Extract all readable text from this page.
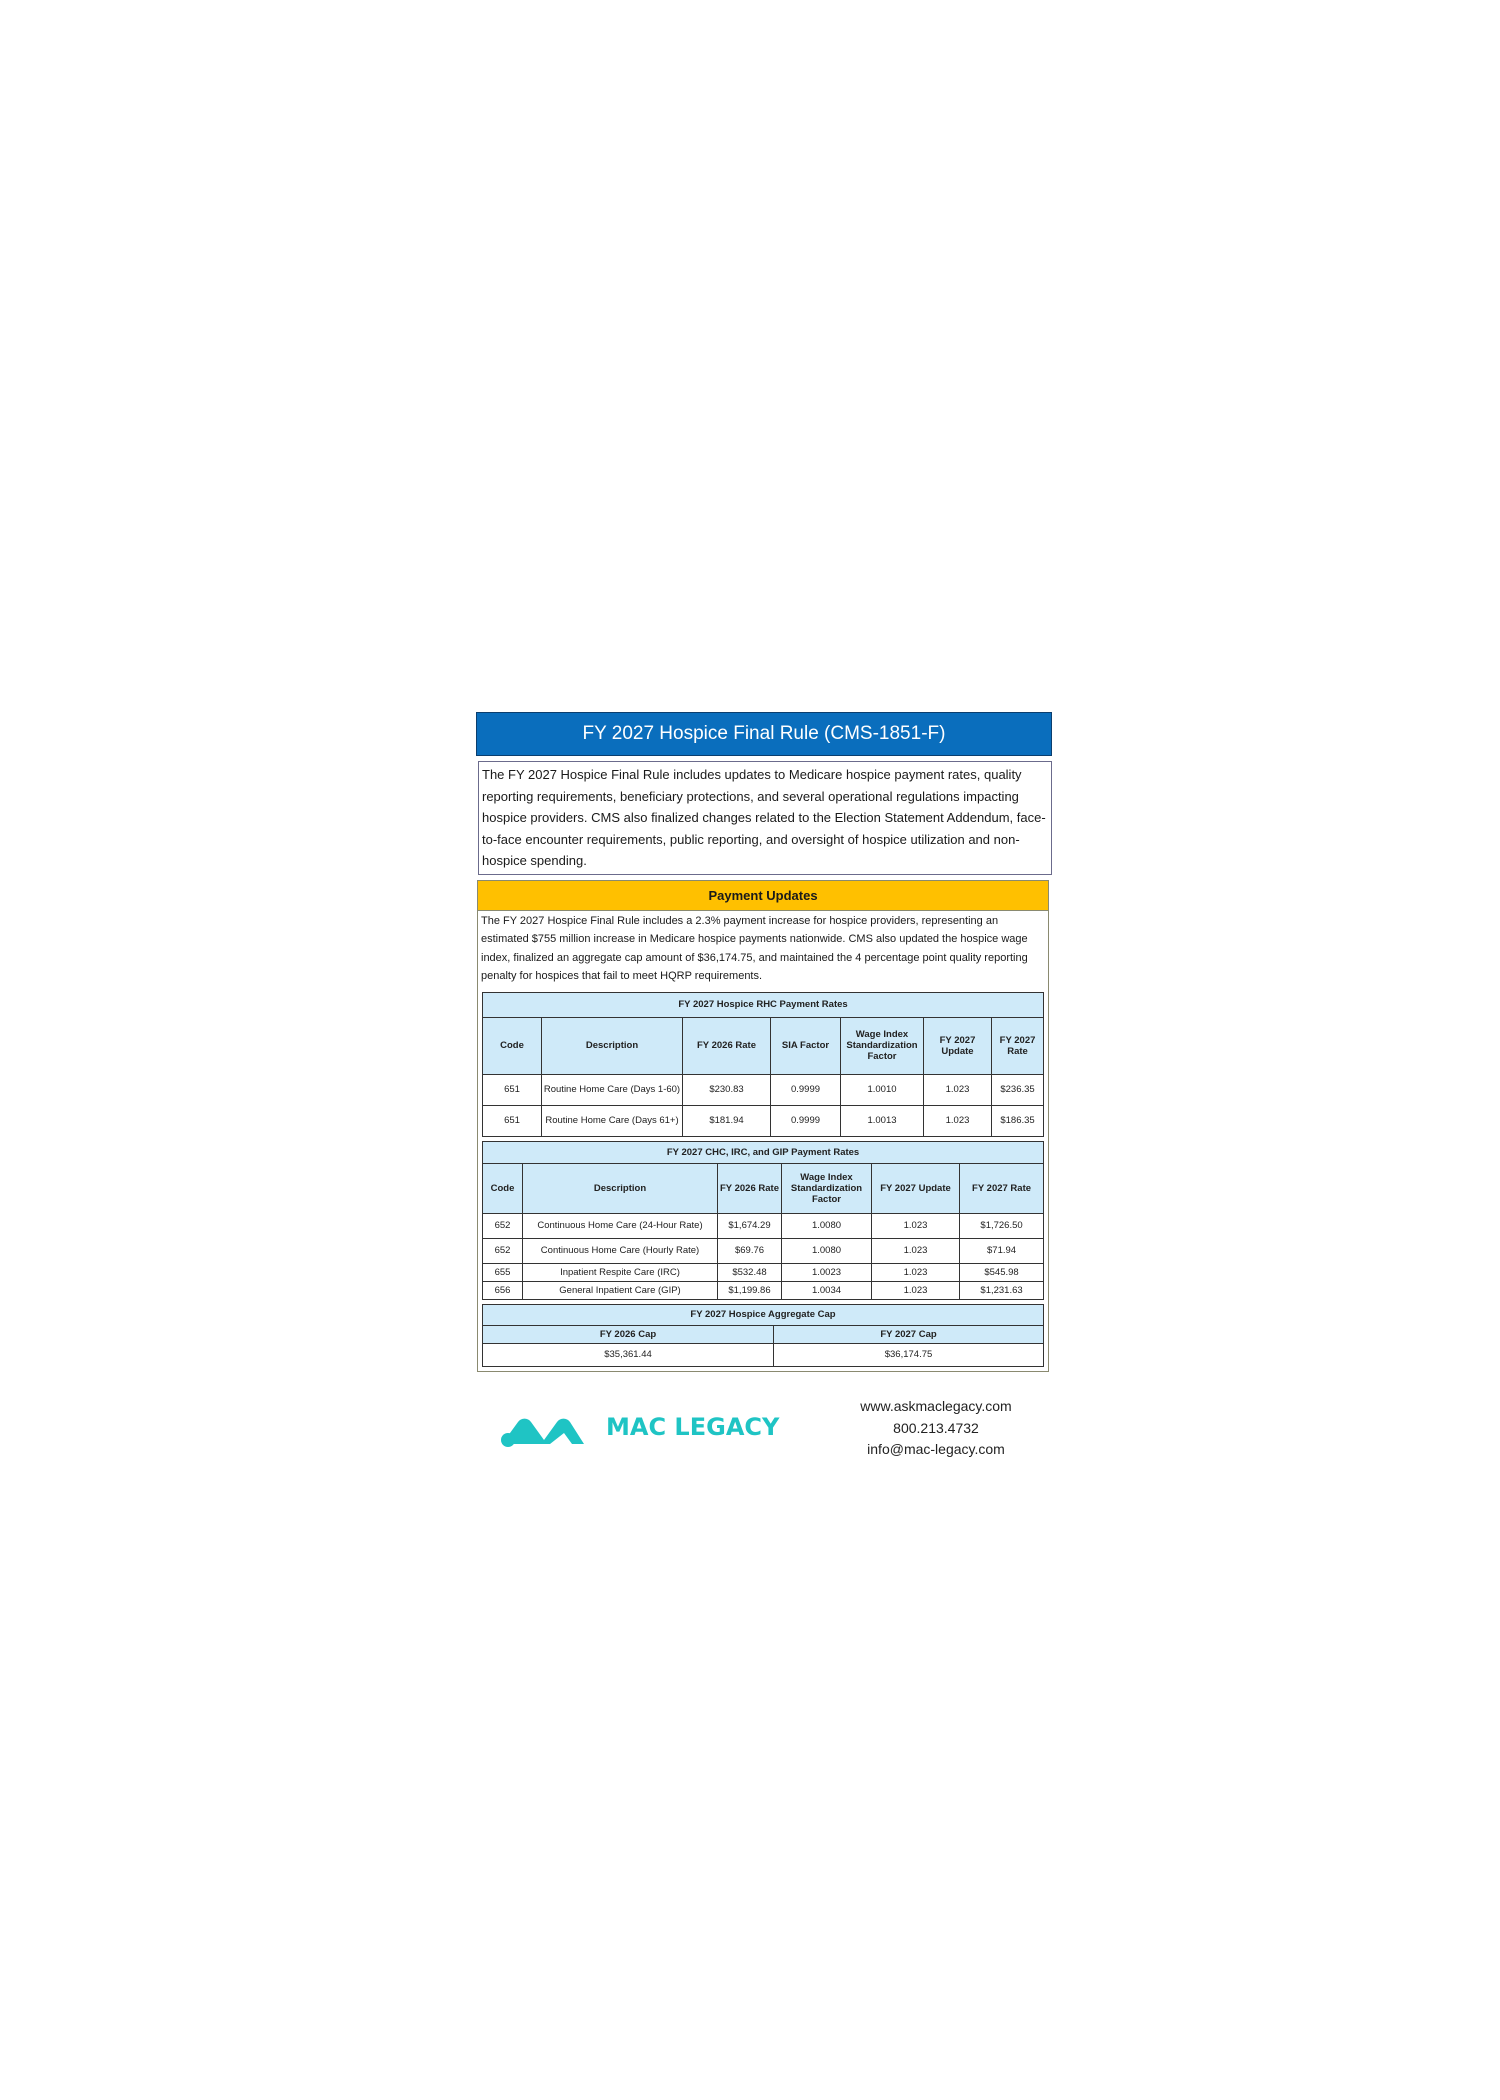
FY 2027 Hospice Final Rule (CMS-1851-F)
The FY 2027 Hospice Final Rule includes updates to Medicare hospice payment rates, quality reporting requirements, beneficiary protections, and several operational regulations impacting hospice providers. CMS also finalized changes related to the Election Statement Addendum, face-to-face encounter requirements, public reporting, and oversight of hospice utilization and non-hospice spending.
Payment Updates
The FY 2027 Hospice Final Rule includes a 2.3% payment increase for hospice providers, representing an estimated $755 million increase in Medicare hospice payments nationwide. CMS also updated the hospice wage index, finalized an aggregate cap amount of $36,174.75, and maintained the 4 percentage point quality reporting penalty for hospices that fail to meet HQRP requirements.
FY 2027 Hospice RHC Payment Rates						
Code	Description	FY 2026 Rate	SIA Factor	Wage Index Standardization Factor	FY 2027 Update	FY 2027 Rate
651	Routine Home Care (Days 1-60)	$230.83	0.9999	1.0010	1.023	$236.35
651	Routine Home Care (Days 61+)	$181.94	0.9999	1.0013	1.023	$186.35
FY 2027 CHC, IRC, and GIP Payment Rates					
Code	Description	FY 2026 Rate	Wage Index Standardization Factor	FY 2027 Update	FY 2027 Rate
652	Continuous Home Care (24-Hour Rate)	$1,674.29	1.0080	1.023	$1,726.50
652	Continuous Home Care (Hourly Rate)	$69.76	1.0080	1.023	$71.94
655	Inpatient Respite Care (IRC)	$532.48	1.0023	1.023	$545.98
656	General Inpatient Care (GIP)	$1,199.86	1.0034	1.023	$1,231.63
FY 2027 Hospice Aggregate Cap	
FY 2026 Cap	FY 2027 Cap
$35,361.44	$36,174.75
MAC LEGACY
www.askmaclegacy.com
800.213.4732
info@mac-legacy.com
